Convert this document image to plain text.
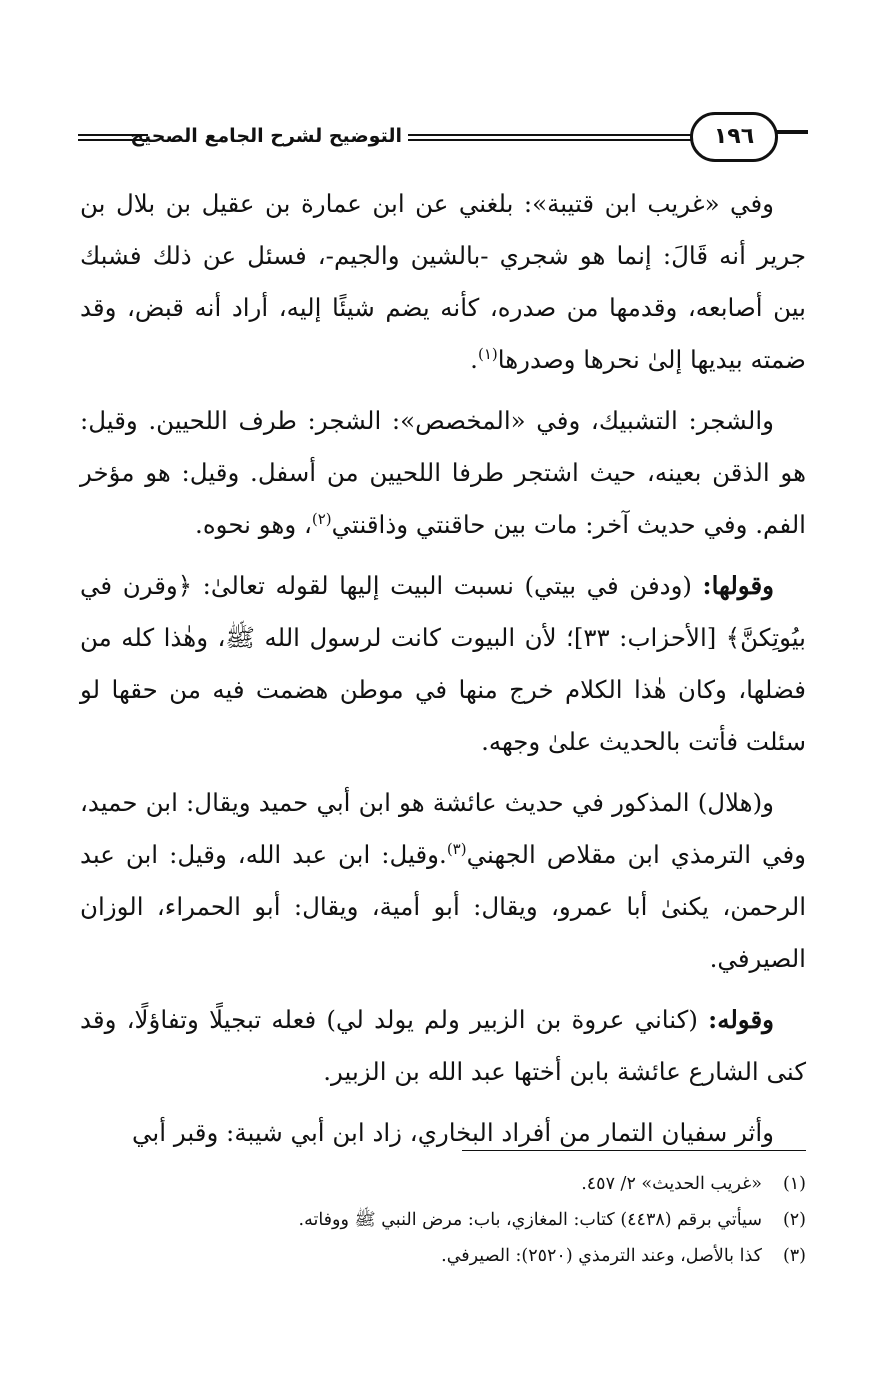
التوضيح لشرح الجامع الصحيح	١٩٦

وفي «غريب ابن قتيبة»: بلغني عن ابن عمارة بن عقيل بن بلال بن جرير أنه قَالَ: إنما هو شجري -بالشين والجيم-، فسئل عن ذلك فشبك بين أصابعه، وقدمها من صدره، كأنه يضم شيئًا إليه، أراد أنه قبض، وقد ضمته بيديها إلىٰ نحرها وصدرها$^{(١)}$.

والشجر: التشبيك، وفي «المخصص»: الشجر: طرف اللحيين. وقيل: هو الذقن بعينه، حيث اشتجر طرفا اللحيين من أسفل. وقيل: هو مؤخر الفم. وفي حديث آخر: مات بين حاقنتي وذاقنتي$^{(٢)}$، وهو نحوه.

وقولها: (ودفن في بيتي) نسبت البيت إليها لقوله تعالىٰ: ﴿وقرن في بيُوتِكنَّ﴾ [الأحزاب: ٣٣]؛ لأن البيوت كانت لرسول الله ﷺ، وهٰذا كله من فضلها، وكان هٰذا الكلام خرج منها في موطن هضمت فيه من حقها لو سئلت فأتت بالحديث علىٰ وجهه.

و(هلال) المذكور في حديث عائشة هو ابن أبي حميد ويقال: ابن حميد، وفي الترمذي ابن مقلاص الجهني$^{(٣)}$.وقيل: ابن عبد الله، وقيل: ابن عبد الرحمن، يكنىٰ أبا عمرو، ويقال: أبو أمية، ويقال: أبو الحمراء، الوزان الصيرفي.

وقوله: (كناني عروة بن الزبير ولم يولد لي) فعله تبجيلًا وتفاؤلًا، وقد كنى الشارع عائشة بابن أختها عبد الله بن الزبير.

وأثر سفيان التمار من أفراد البخاري، زاد ابن أبي شيبة: وقبر أبي

(١)«غريب الحديث» ٢/ ٤٥٧.
(٢)سيأتي برقم (٤٤٣٨) كتاب: المغازي، باب: مرض النبي ﷺ ووفاته.
(٣)كذا بالأصل، وعند الترمذي (٢٥٢٠): الصيرفي.
